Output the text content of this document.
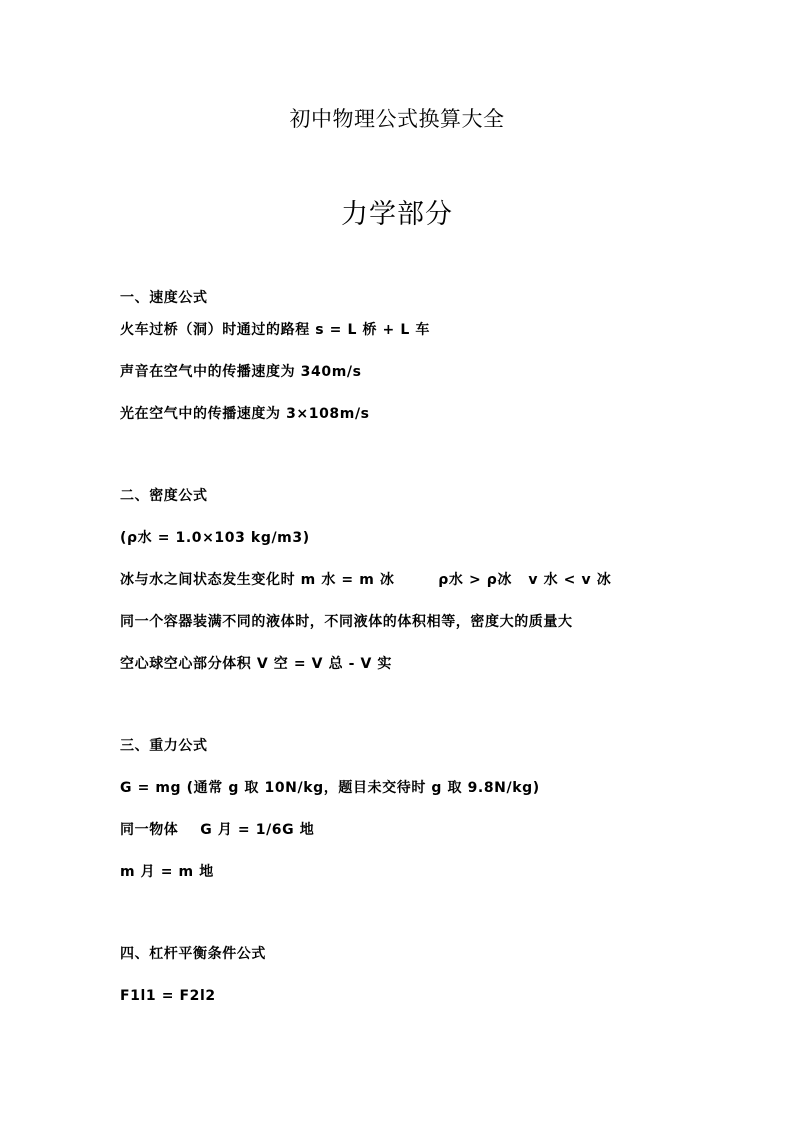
初中物理公式换算大全
力学部分
一、速度公式
火车过桥（洞）时通过的路程 s = L 桥 + L 车
声音在空气中的传播速度为 340m/s
光在空气中的传播速度为 3×108m/s
二、密度公式
(ρ水 = 1.0×103 kg/m3)
冰与水之间状态发生变化时 m 水 = m 冰        ρ水 > ρ冰   v 水 < v 冰
同一个容器装满不同的液体时，不同液体的体积相等，密度大的质量大
空心球空心部分体积 V 空 = V 总 - V 实
三、重力公式
G = mg (通常 g 取 10N/kg，题目未交待时 g 取 9.8N/kg)
同一物体    G 月 = 1/6G 地
m 月 = m 地
四、杠杆平衡条件公式
F1l1 = F2l2
